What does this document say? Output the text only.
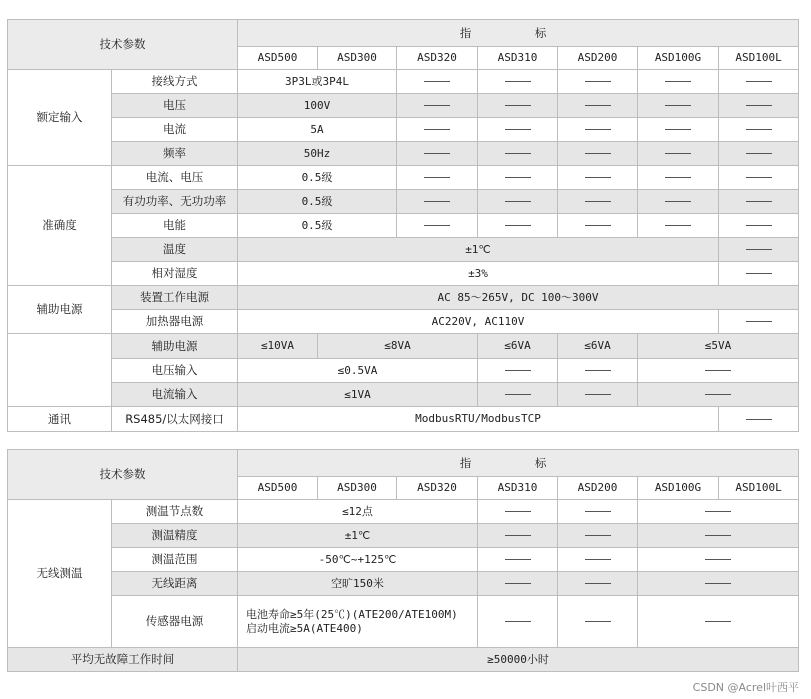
技术参数		指 标						
		ASD500	ASD300	ASD320	ASD310	ASD200	ASD100G	ASD100L
额定输入	接线方式	3P3L或3P4L						
	电压	100V						
	电流	5A						
	频率	50Hz						
准确度	电流、电压	0.5级						
	有功功率、无功功率	0.5级						
	电能	0.5级						
	温度	±1℃						
	相对湿度	±3%						
辅助电源	装置工作电源	AC 85～265V, DC 100～300V						
	加热器电源	AC220V, AC110V						
	辅助电源	≤10VA	≤8VA		≤6VA	≤6VA	≤5VA	
	电压输入	≤0.5VA						
	电流输入	≤1VA						
通讯	RS485/以太网接口	ModbusRTU/ModbusTCP						
技术参数		指 标						
		ASD500	ASD300	ASD320	ASD310	ASD200	ASD100G	ASD100L
无线测温	测温节点数	≤12点						
	测温精度	±1℃						
	测温范围	-50℃~+125℃						
	无线距离	空旷150米						
	传感器电源	电池寿命≥5年(25℃)(ATE200/ATE100M)
启动电流≥5A(ATE400)						

平均无故障工作时间		≥50000小时						
CSDN @Acrel叶西平
